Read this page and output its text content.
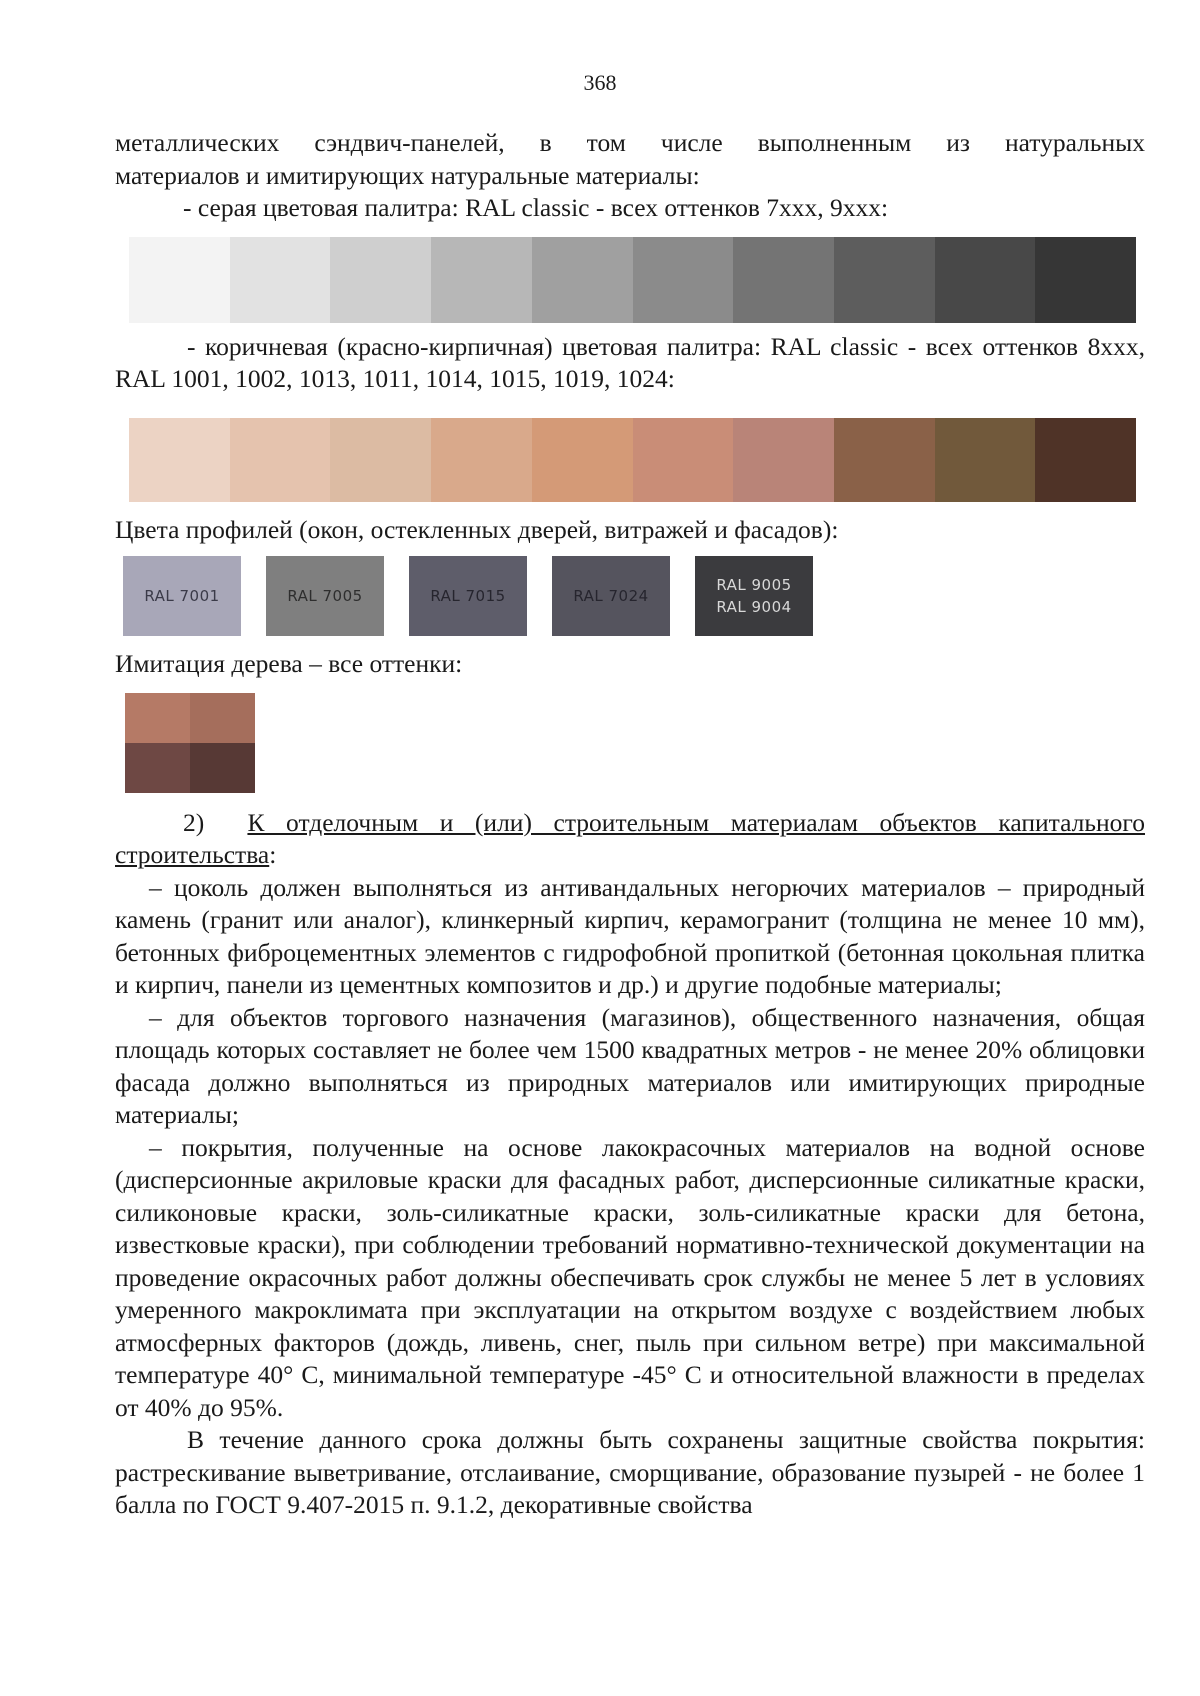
368

металлических сэндвич-панелей, в том числе выполненным из натуральных

материалов и имитирующих натуральные материалы:

- серая цветовая палитра: RAL classic - всех оттенков 7ххх, 9ххх:

- коричневая (красно-кирпичная) цветовая палитра: RAL classic - всех оттенков 8ххх, RAL 1001, 1002, 1013, 1011, 1014, 1015, 1019, 1024:

Цвета профилей (окон, остекленных дверей, витражей и фасадов):

RAL 7001	RAL 7005	RAL 7015	RAL 7024
RAL 9005
RAL 9004

Имитация дерева – все оттенки:

2) К отделочным и (или) строительным материалам объектов капитального

строительства:

– цоколь должен выполняться из антивандальных негорючих материалов – природный камень (гранит или аналог), клинкерный кирпич, керамогранит (толщина не менее 10 мм), бетонных фиброцементных элементов с гидрофобной пропиткой (бетонная цокольная плитка и кирпич, панели из цементных композитов и др.) и другие подобные материалы;

– для объектов торгового назначения (магазинов), общественного назначения, общая площадь которых составляет не более чем 1500 квадратных метров - не менее 20% облицовки фасада должно выполняться из природных материалов или имитирующих природные материалы;

– покрытия, полученные на основе лакокрасочных материалов на водной основе (дисперсионные акриловые краски для фасадных работ, дисперсионные силикатные краски, силиконовые краски, золь-силикатные краски, золь-силикатные краски для бетона, известковые краски), при соблюдении требований нормативно-технической документации на проведение окрасочных работ должны обеспечивать срок службы не менее 5 лет в условиях умеренного макроклимата при эксплуатации на открытом воздухе с воздействием любых атмосферных факторов (дождь, ливень, снег, пыль при сильном ветре) при максимальной температуре 40° С, минимальной температуре -45° С и относительной влажности в пределах от 40% до 95%.

В течение данного срока должны быть сохранены защитные свойства покрытия: растрескивание выветривание, отслаивание, сморщивание, образование пузырей - не более 1 балла по ГОСТ 9.407-2015 п. 9.1.2, декоративные свойства
